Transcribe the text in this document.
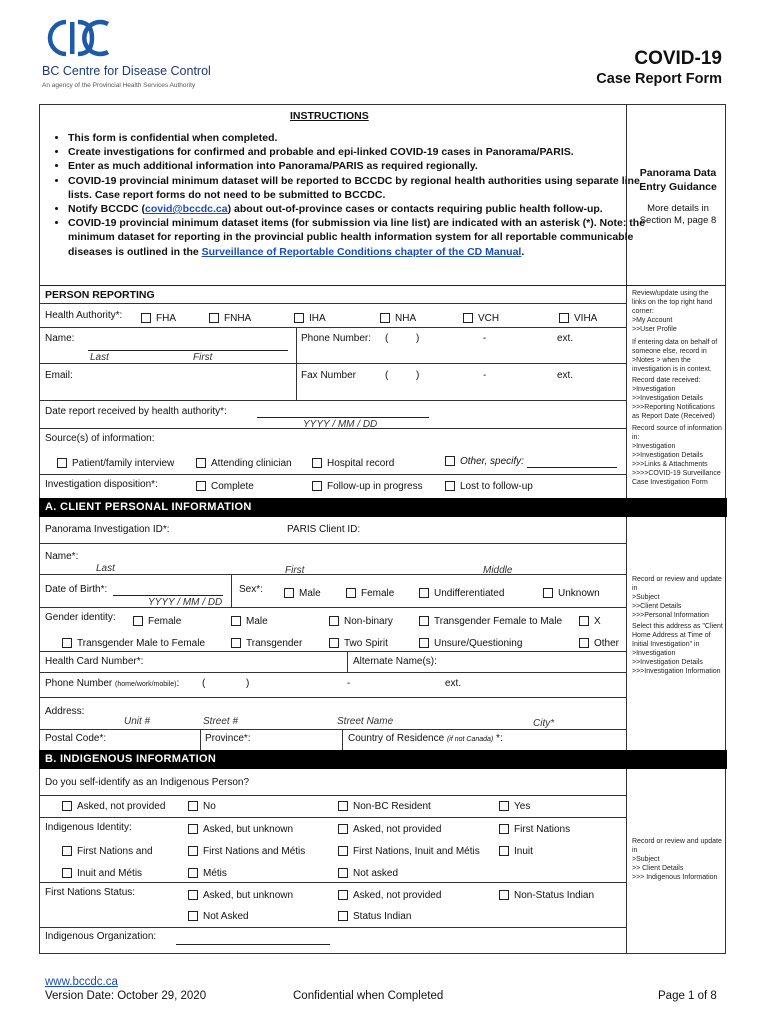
BC Centre for Disease Control
An agency of the Provincial Health Services Authority
COVID-19
Case Report Form
INSTRUCTIONS
• This form is confidential when completed.
• Create investigations for confirmed and probable and epi-linked COVID-19 cases in Panorama/PARIS.
• Enter as much additional information into Panorama/PARIS as required regionally.
• COVID-19 provincial minimum dataset will be reported to BCCDC by regional health authorities using separate line lists. Case report forms do not need to be submitted to BCCDC.
• Notify BCCDC (covid@bccdc.ca) about out-of-province cases or contacts requiring public health follow-up.
• COVID-19 provincial minimum dataset items (for submission via line list) are indicated with an asterisk (*). Note: the minimum dataset for reporting in the provincial public health information system for all reportable communicable diseases is outlined in the Surveillance of Reportable Conditions chapter of the CD Manual.
Panorama Data Entry Guidance
More details in Section M, page 8
PERSON REPORTING
Health Authority*:	FHA	FNHA	IHA	NHA	VCH	VIHA
Name:
Last	First
Phone Number: (	)	-	ext.
Email:	Fax Number	(	)	-	ext.
Date report received by health authority*:
YYYY / MM / DD
Source(s) of information:
Patient/family interview	Attending clinician	Hospital record	Other, specify:
Investigation disposition*:	Complete	Follow-up in progress	Lost to follow-up
Review/update using the links on the top right hand corner:
>My Account
>>User Profile
If entering data on behalf of someone else, record in
>Notes > when the investigation is in context.
Record date received:
>Investigation
>>Investigation Details
>>>Reporting Notifications as Report Date (Received)
Record source of information in:
>Investigation
>>Investigation Details
>>>Links & Attachments
>>>>COVID-19 Surveillance Case Investigation Form
A. CLIENT PERSONAL INFORMATION
Panorama Investigation ID*:	PARIS Client ID:
Name*:
Last	First	Middle
Date of Birth*:
YYYY / MM / DD
Sex*:	Male	Female	Undifferentiated	Unknown
Gender identity:	Female	Male	Non-binary	Transgender Female to Male	X
Transgender Male to Female	Transgender	Two Spirit	Unsure/Questioning	Other
Health Card Number*:	Alternate Name(s):
Phone Number (home/work/mobile): (	)	-	ext.
Address:
Unit #	Street #	Street Name	City*
Postal Code*:	Province*:	Country of Residence (if not Canada) *:
Record or review and update in
>Subject
>>Client Details
>>>Personal Information
Select this address as "Client Home Address at Time of Initial Investigation" in
>Investigation
>>Investigation Details
>>>Investigation Information
B. INDIGENOUS INFORMATION
Do you self-identify as an Indigenous Person?
Asked, not provided	No	Non-BC Resident	Yes
Indigenous Identity:	Asked, but unknown	Asked, not provided	First Nations
First Nations and	First Nations and Métis	First Nations, Inuit and Métis	Inuit
Inuit and Métis	Métis	Not asked
First Nations Status:	Asked, but unknown	Asked, not provided	Non-Status Indian
Not Asked	Status Indian
Indigenous Organization:
Record or review and update in
>Subject
>> Client Details
>>> Indigenous Information
www.bccdc.ca
Version Date: October 29, 2020	Confidential when Completed	Page 1 of 8
